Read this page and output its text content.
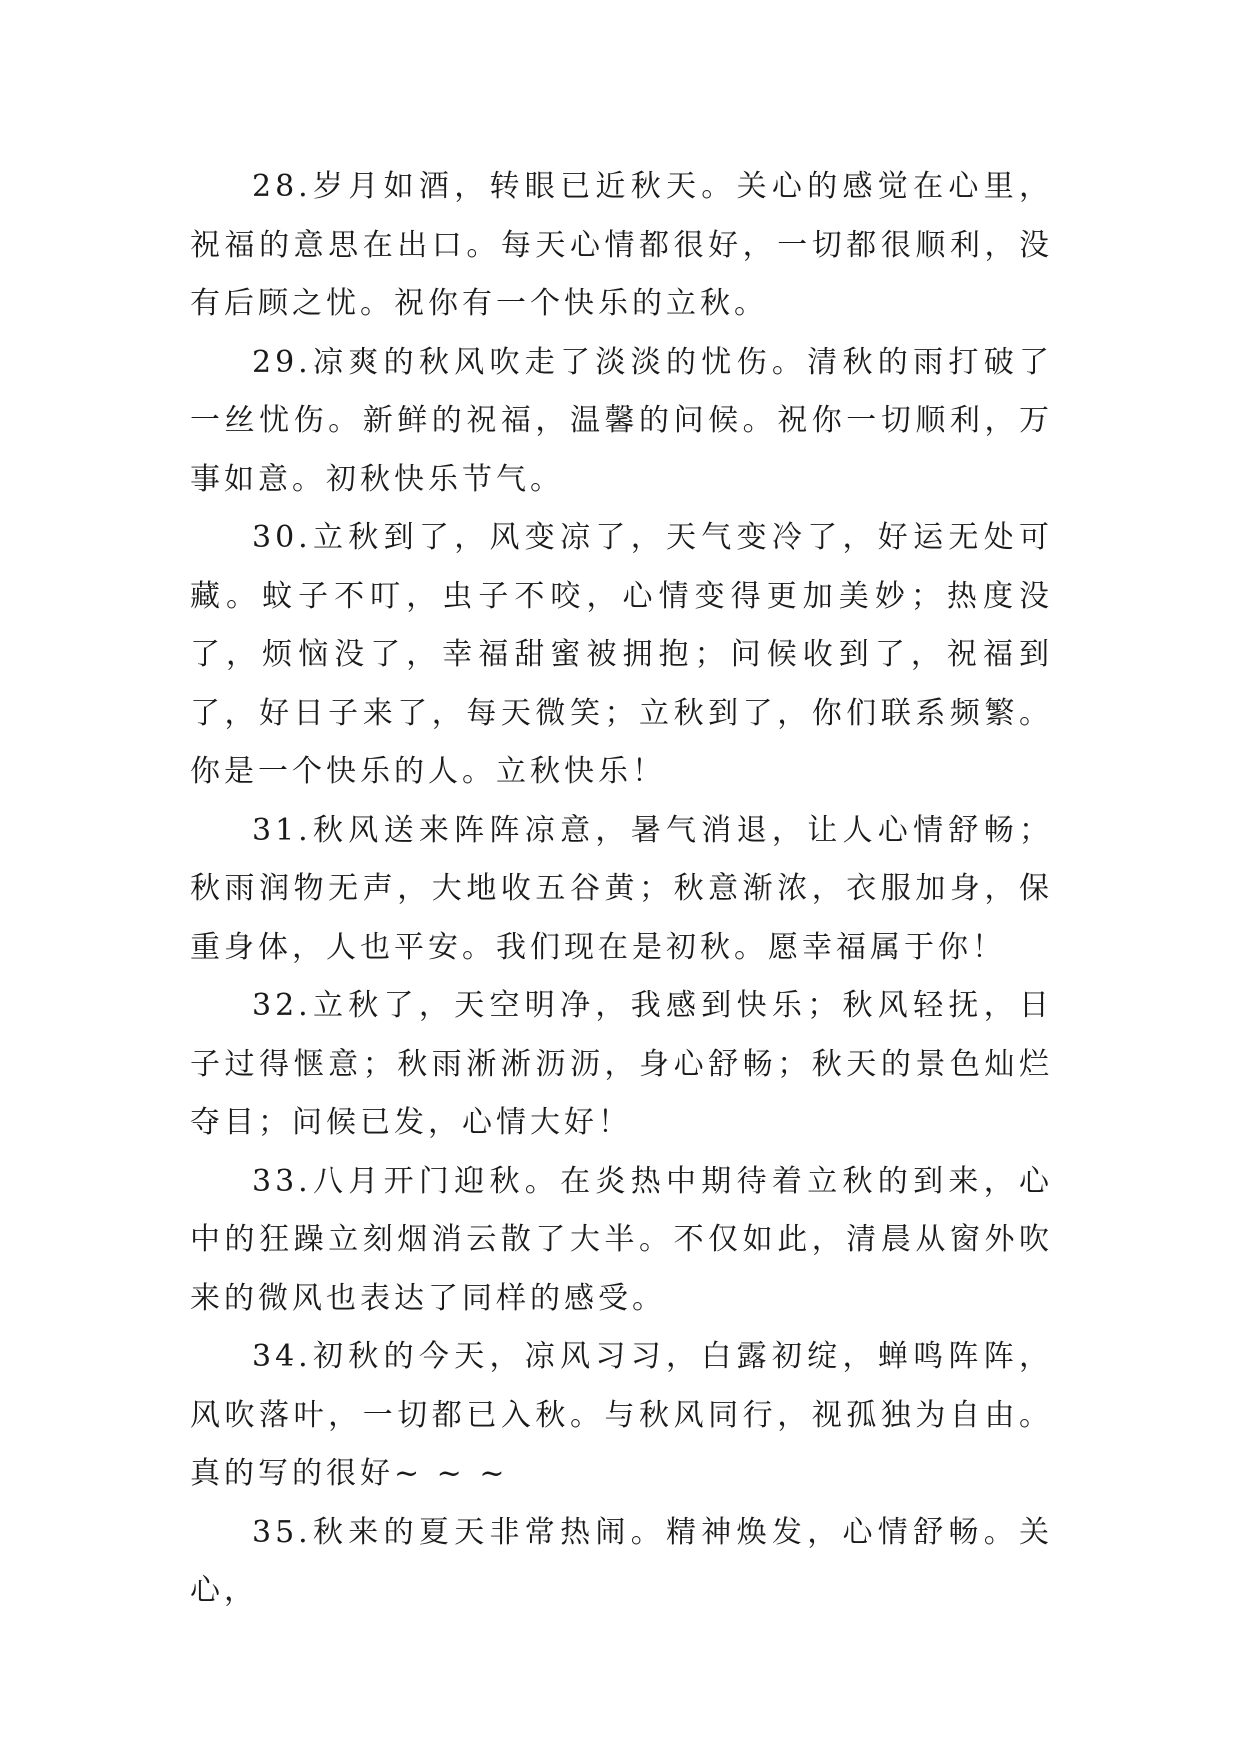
28.岁月如酒，转眼已近秋天。关心的感觉在心里，祝福的意思在出口。每天心情都很好，一切都很顺利，没有后顾之忧。祝你有一个快乐的立秋。

29.凉爽的秋风吹走了淡淡的忧伤。清秋的雨打破了一丝忧伤。新鲜的祝福，温馨的问候。祝你一切顺利，万事如意。初秋快乐节气。

30.立秋到了，风变凉了，天气变冷了，好运无处可藏。蚊子不叮，虫子不咬，心情变得更加美妙；热度没了，烦恼没了，幸福甜蜜被拥抱；问候收到了，祝福到了，好日子来了，每天微笑；立秋到了，你们联系频繁。你是一个快乐的人。立秋快乐！

31.秋风送来阵阵凉意，暑气消退，让人心情舒畅；秋雨润物无声，大地收五谷黄；秋意渐浓，衣服加身，保重身体，人也平安。我们现在是初秋。愿幸福属于你！

32.立秋了，天空明净，我感到快乐；秋风轻抚，日子过得惬意；秋雨淅淅沥沥，身心舒畅；秋天的景色灿烂夺目；问候已发，心情大好！

33.八月开门迎秋。在炎热中期待着立秋的到来，心中的狂躁立刻烟消云散了大半。不仅如此，清晨从窗外吹来的微风也表达了同样的感受。

34.初秋的今天，凉风习习，白露初绽，蝉鸣阵阵，风吹落叶，一切都已入秋。与秋风同行，视孤独为自由。真的写的很好~ ~ ~

35.秋来的夏天非常热闹。精神焕发，心情舒畅。关心，
